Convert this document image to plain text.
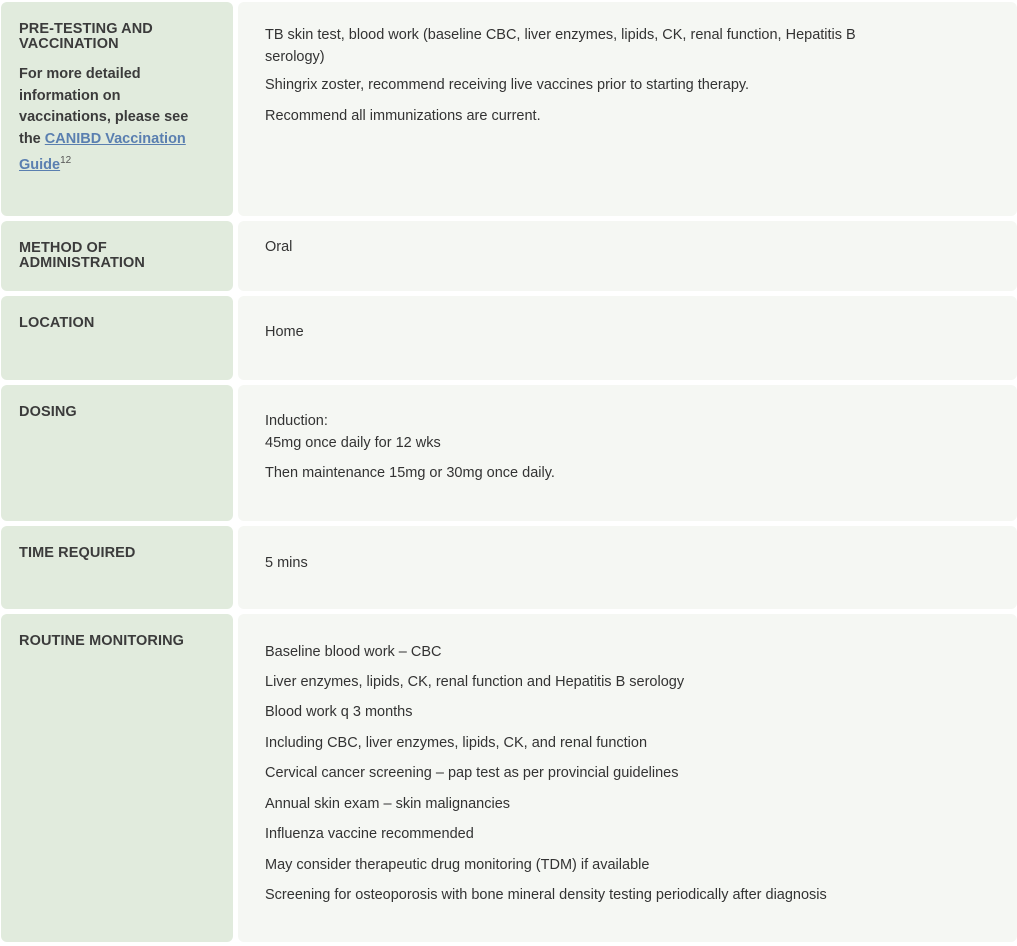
PRE-TESTING AND VACCINATION
For more detailed information on vaccinations, please see the CANIBD Vaccination Guide$^{12}$

TB skin test, blood work (baseline CBC, liver enzymes, lipids, CK, renal function, Hepatitis B serology)

Shingrix zoster, recommend receiving live vaccines prior to starting therapy.

Recommend all immunizations are current.

METHOD OF ADMINISTRATION

Oral

LOCATION

Home

DOSING

Induction:

45mg once daily for 12 wks

Then maintenance 15mg or 30mg once daily.

TIME REQUIRED

5 mins

ROUTINE MONITORING

Baseline blood work – CBC

Liver enzymes, lipids, CK, renal function and Hepatitis B serology

Blood work q 3 months

Including CBC, liver enzymes, lipids, CK, and renal function

Cervical cancer screening – pap test as per provincial guidelines

Annual skin exam – skin malignancies

Influenza vaccine recommended

May consider therapeutic drug monitoring (TDM) if available

Screening for osteoporosis with bone mineral density testing periodically after diagnosis
